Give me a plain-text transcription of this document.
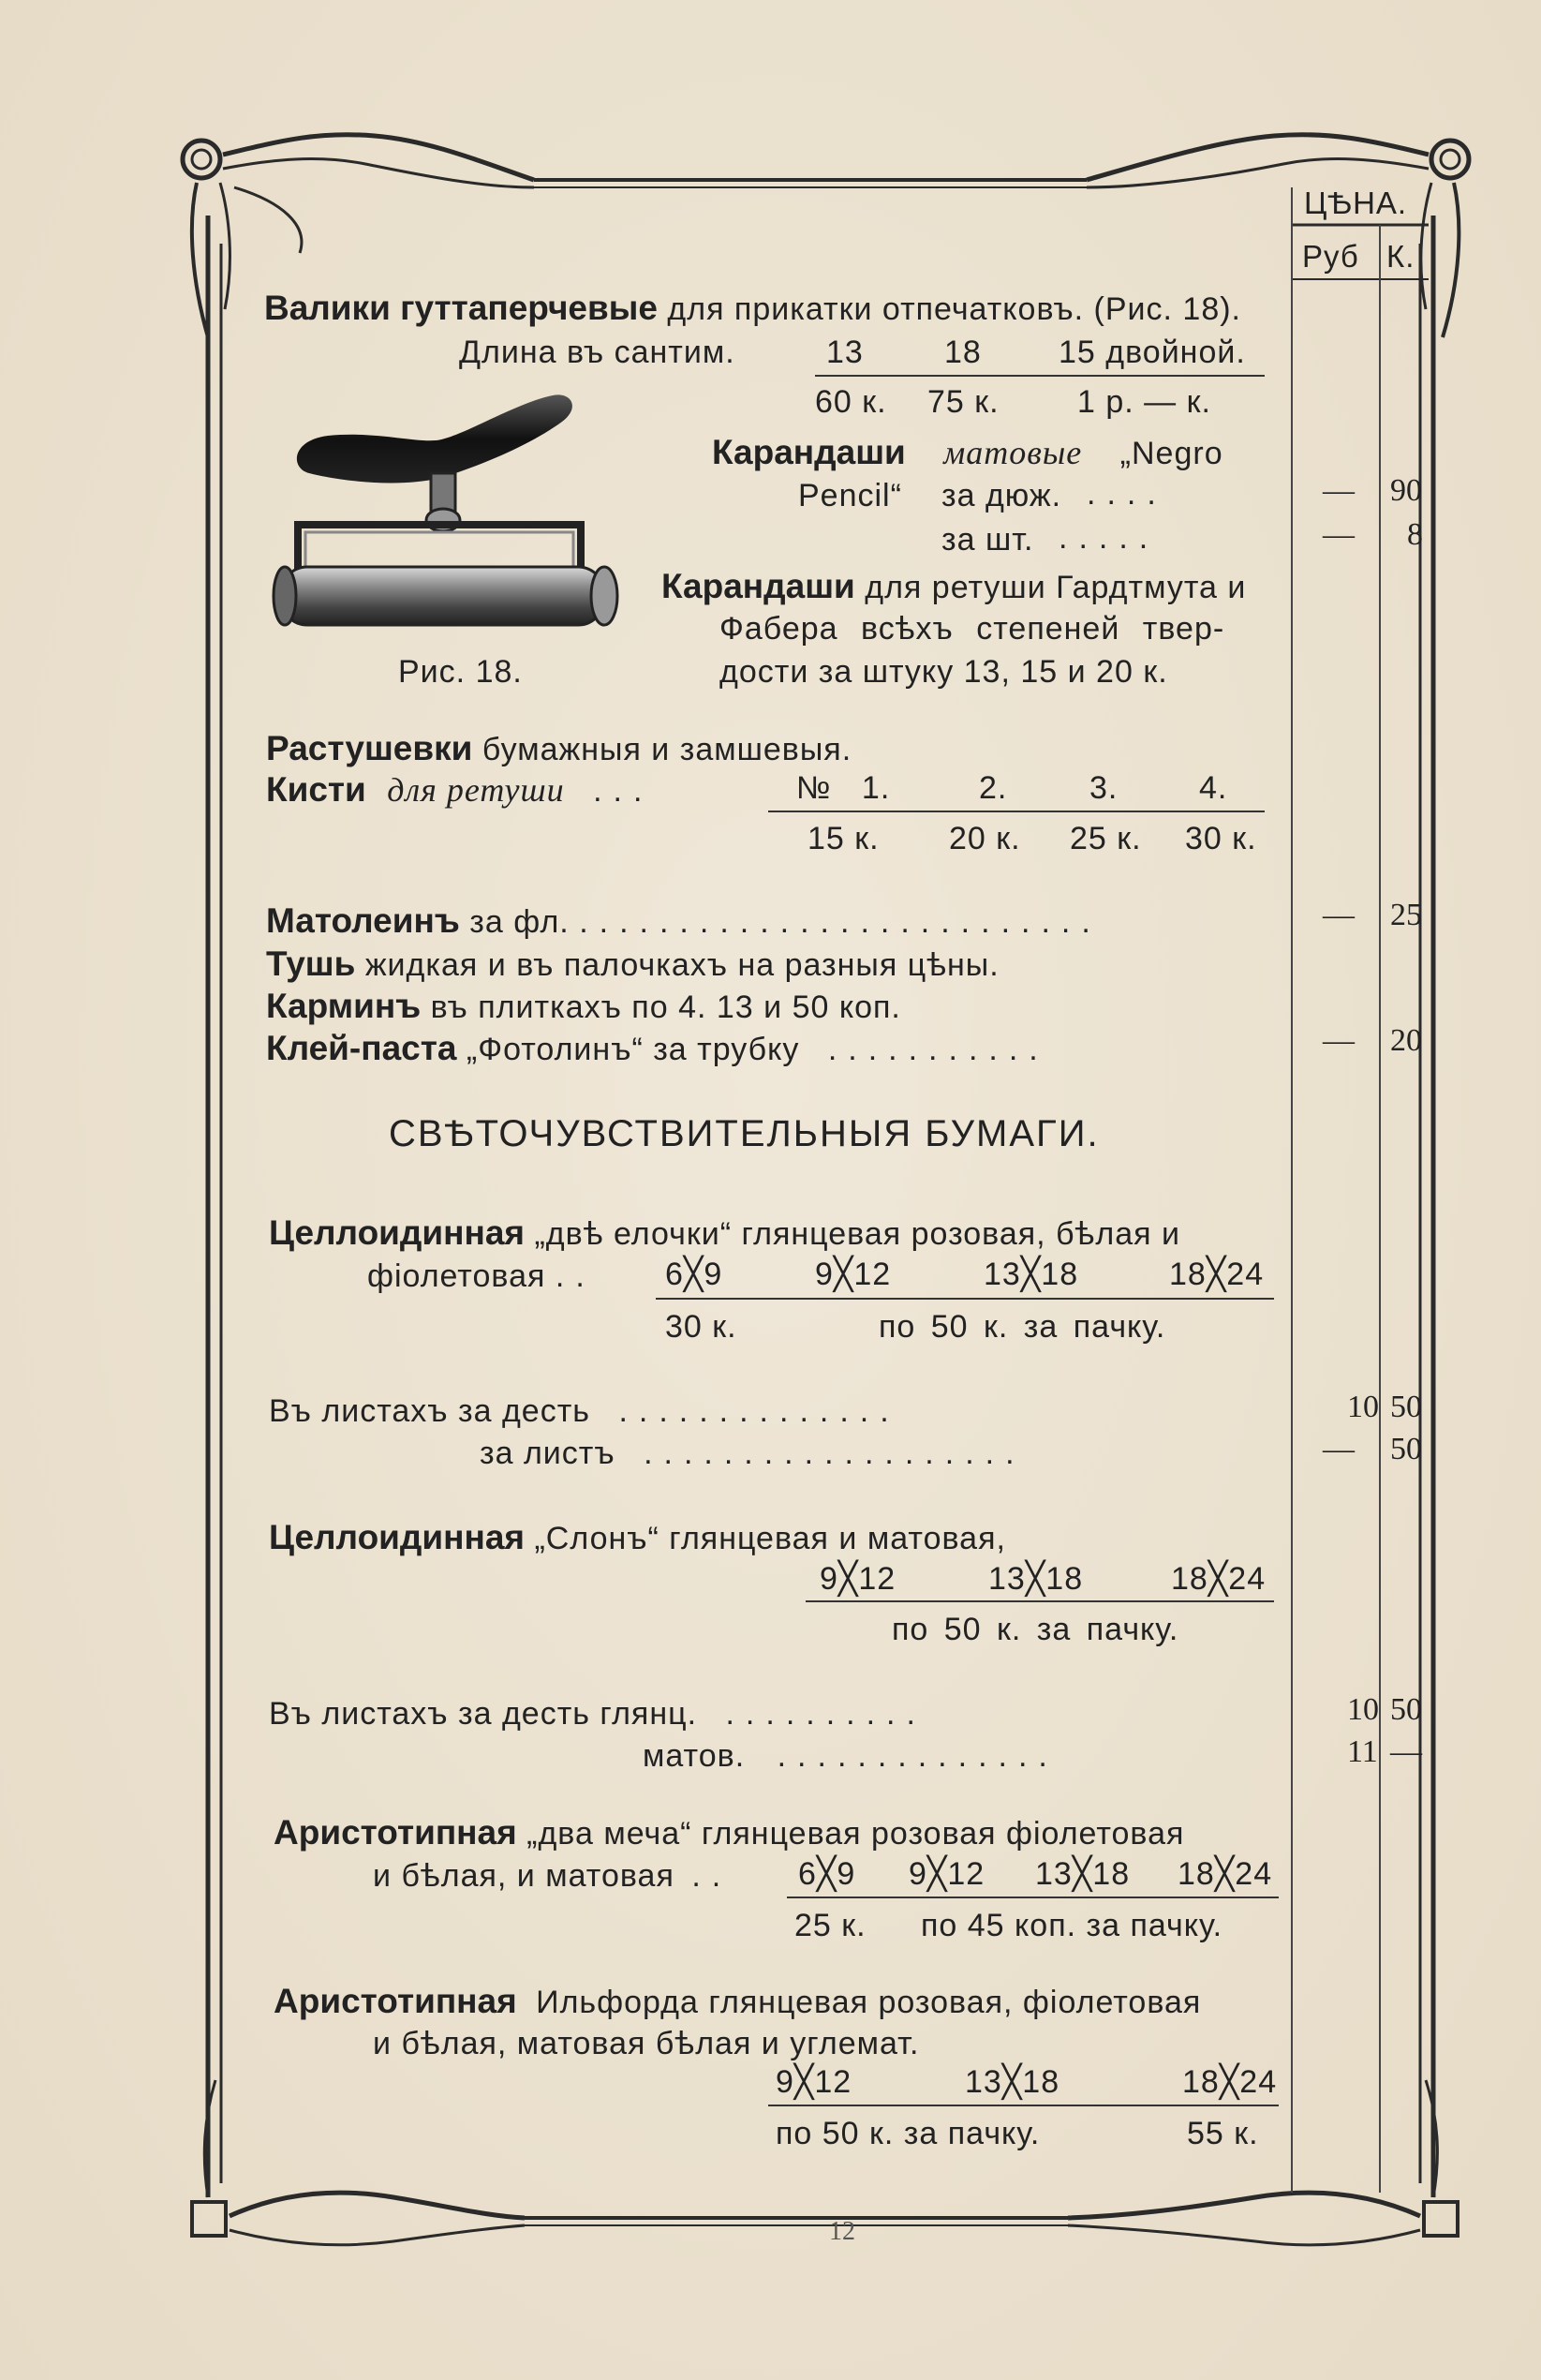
ЦѢНА.
Руб К.
Валики гуттаперчевые для прикатки отпечатковъ. (Рис. 18).
Длина въ сантим.	13	18 15 двойной.
60 к. 75 к. 1 р. — к.
Рис. 18.
Карандаши матовые „Negro
Pencil“ за дюж. ....	— 90
за шт. .....	— 8
Карандаши для ретуши Гардтмута и
Фабера всѣхъ степеней твер-
дости за штуку 13, 15 и 20 к.
Растушевки бумажныя и замшевыя.
Кисти для ретуши ...	№ 1.	2.	3.	4.
15 к. 20 к. 25 к. 30 к.
Матолеинъ за фл. ..........................	— 25
Тушь жидкая и въ палочкахъ на разныя цѣны.
Карминъ въ плиткахъ по 4. 13 и 50 коп.
Клей-паста „Фотолинъ“ за трубку ...........	— 20
СВѢТОЧУВСТВИТЕЛЬНЫЯ БУМАГИ.
Целлоидинная „двѣ елочки“ глянцевая розовая, бѣлая и
фіолетовая .. 6╳9	9╳12	13╳18	18╳24
30 к.	по 50 к. за пачку.
Въ листахъ за десть ..............	10 50
за листъ ...................	— 50
Целлоидинная „Слонъ“ глянцевая и матовая,
9╳12	13╳18	18╳24
по 50 к. за пачку.
Въ листахъ за десть глянц. ..........	10 50
матов. ..............	11 —
Аристотипная „два меча“ глянцевая розовая фіолетовая
и бѣлая, и матовая .. 6╳9 9╳12 13╳18 18╳24
25 к. по 45 коп. за пачку.
Аристотипная Ильфорда глянцевая розовая, фіолетовая
и бѣлая, матовая бѣлая и углемат.
9╳12	13╳18	18╳24
по 50 к. за пачку.	55 к.
12
